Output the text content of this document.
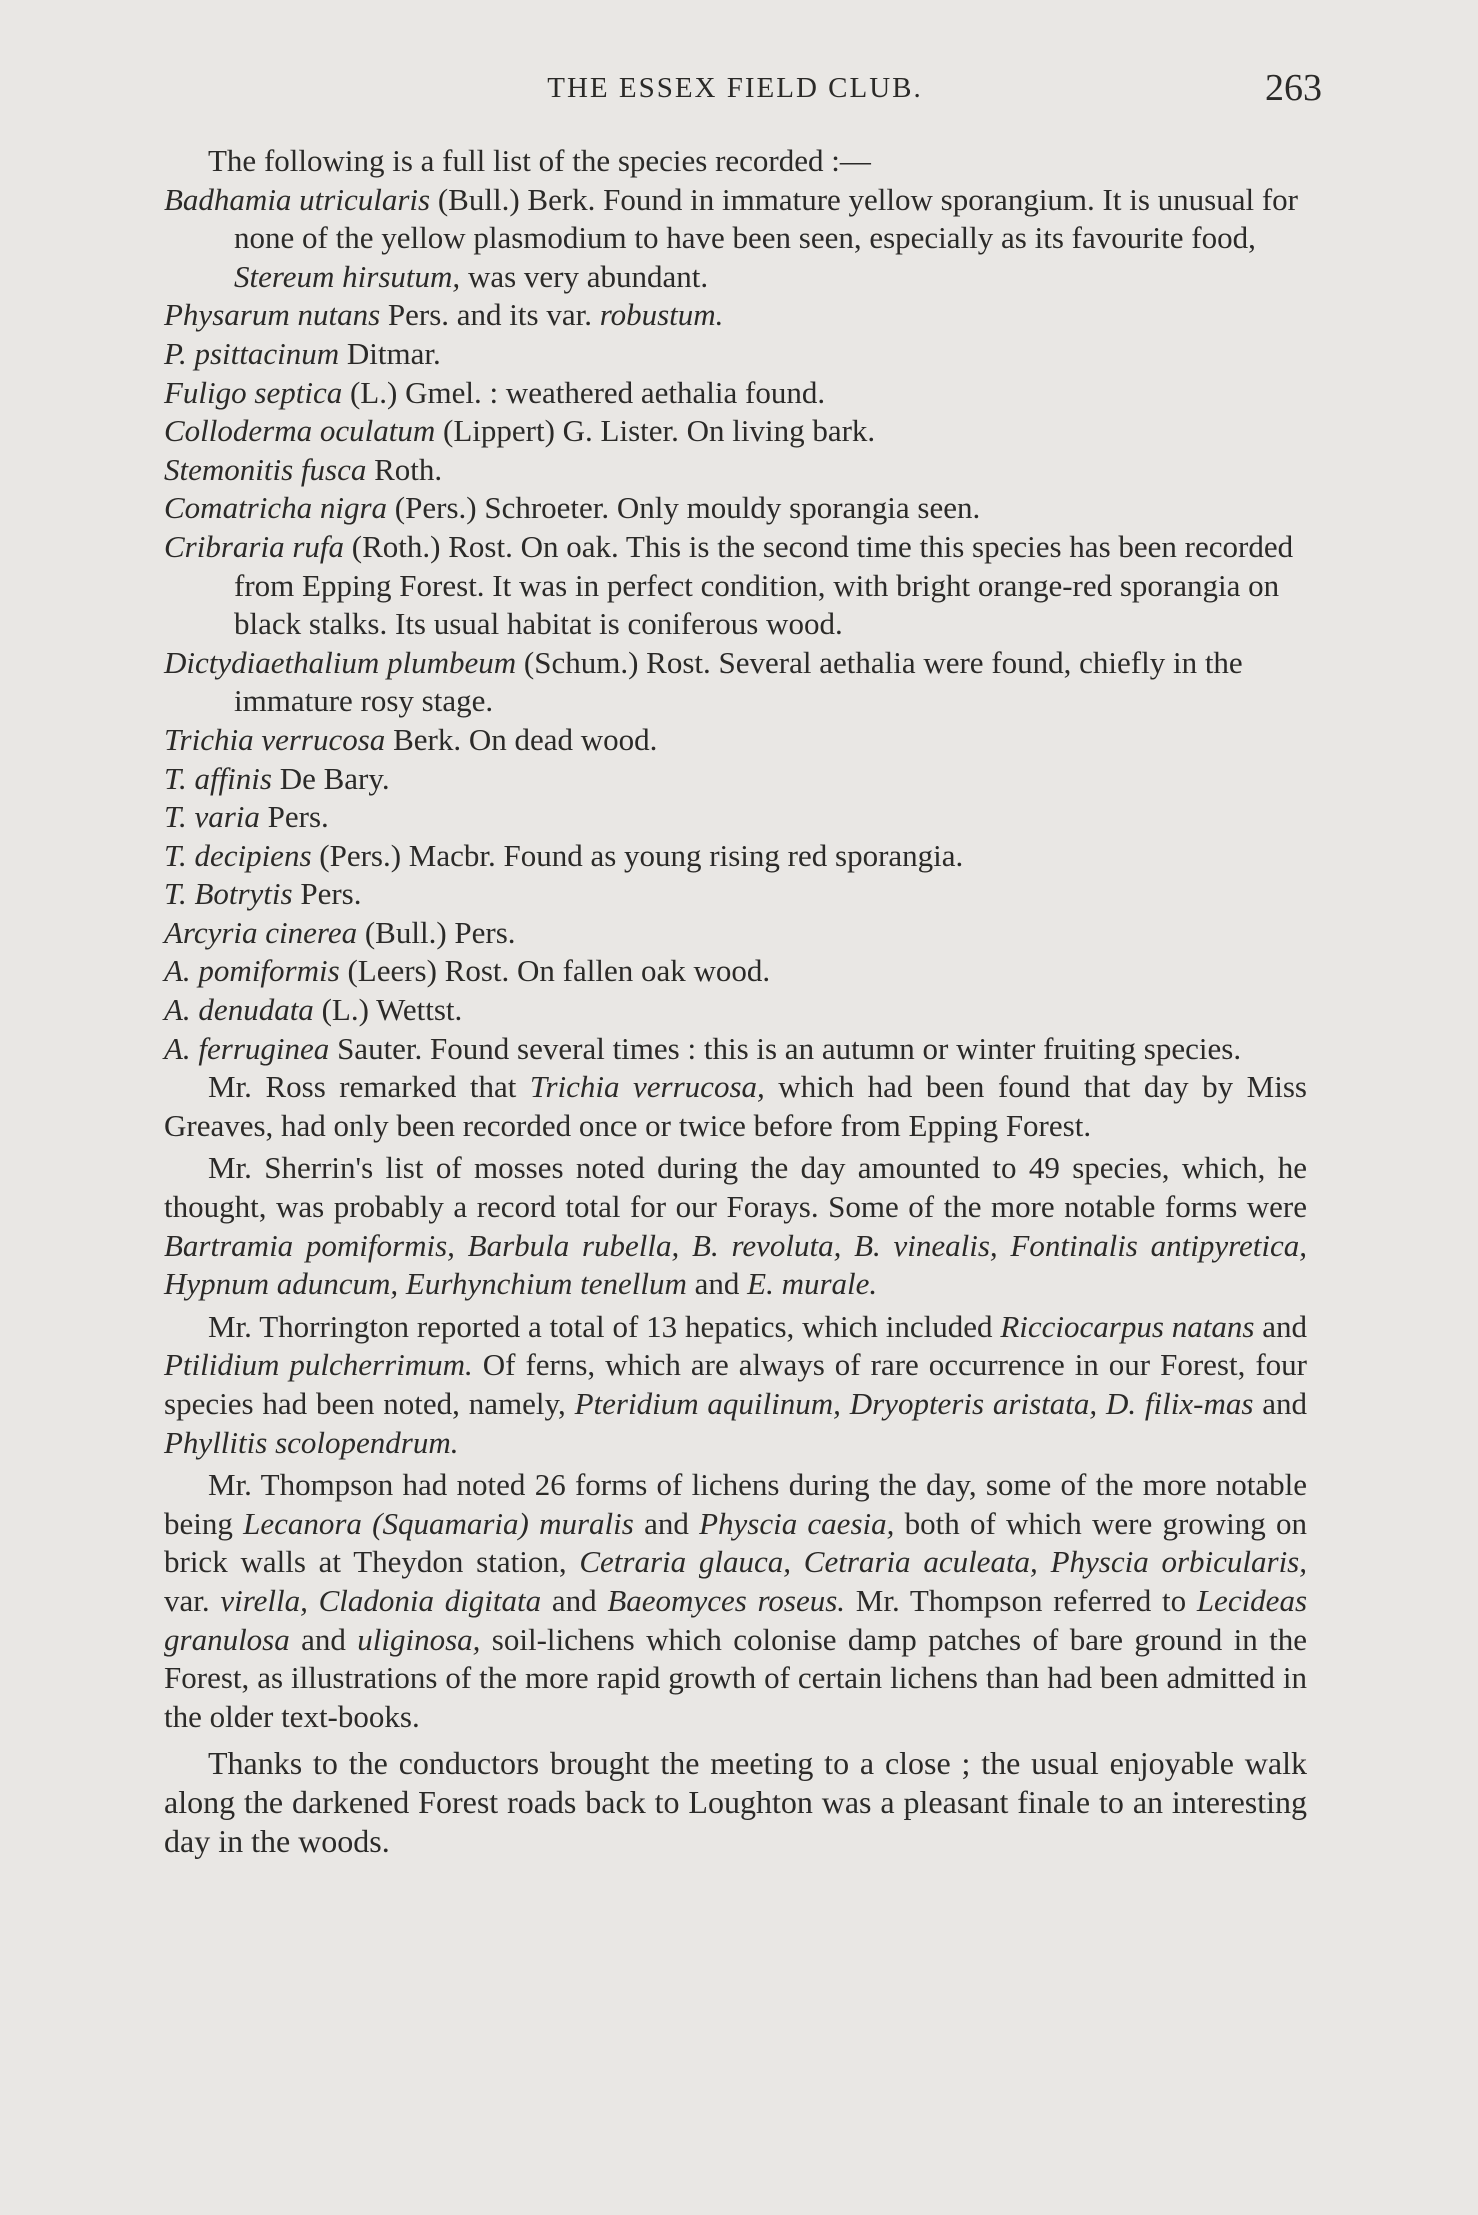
THE ESSEX FIELD CLUB.	263

The following is a full list of the species recorded :—

Badhamia utricularis (Bull.) Berk. Found in immature yellow sporangium. It is unusual for none of the yellow plasmodium to have been seen, especially as its favourite food, Stereum hirsutum, was very abundant.

Physarum nutans Pers. and its var. robustum.

P. psittacinum Ditmar.

Fuligo septica (L.) Gmel. : weathered aethalia found.

Colloderma oculatum (Lippert) G. Lister. On living bark.

Stemonitis fusca Roth.

Comatricha nigra (Pers.) Schroeter. Only mouldy sporangia seen.

Cribraria rufa (Roth.) Rost. On oak. This is the second time this species has been recorded from Epping Forest. It was in perfect condition, with bright orange-red sporangia on black stalks. Its usual habitat is coniferous wood.

Dictydiaethalium plumbeum (Schum.) Rost. Several aethalia were found, chiefly in the immature rosy stage.

Trichia verrucosa Berk. On dead wood.

T. affinis De Bary.

T. varia Pers.

T. decipiens (Pers.) Macbr. Found as young rising red sporangia.

T. Botrytis Pers.

Arcyria cinerea (Bull.) Pers.

A. pomiformis (Leers) Rost. On fallen oak wood.

A. denudata (L.) Wettst.

A. ferruginea Sauter. Found several times : this is an autumn or winter fruiting species.

Mr. Ross remarked that Trichia verrucosa, which had been found that day by Miss Greaves, had only been recorded once or twice before from Epping Forest.

Mr. Sherrin's list of mosses noted during the day amounted to 49 species, which, he thought, was probably a record total for our Forays. Some of the more notable forms were Bartramia pomiformis, Barbula rubella, B. revoluta, B. vinealis, Fontinalis antipyretica, Hypnum aduncum, Eurhynchium tenellum and E. murale.

Mr. Thorrington reported a total of 13 hepatics, which included Ricciocarpus natans and Ptilidium pulcherrimum. Of ferns, which are always of rare occurrence in our Forest, four species had been noted, namely, Pteridium aquilinum, Dryopteris aristata, D. filix-mas and Phyllitis scolopendrum.

Mr. Thompson had noted 26 forms of lichens during the day, some of the more notable being Lecanora (Squamaria) muralis and Physcia caesia, both of which were growing on brick walls at Theydon station, Cetraria glauca, Cetraria aculeata, Physcia orbicularis, var. virella, Cladonia digitata and Baeomyces roseus. Mr. Thompson referred to Lecideas granulosa and uliginosa, soil-lichens which colonise damp patches of bare ground in the Forest, as illustrations of the more rapid growth of certain lichens than had been admitted in the older text-books.

Thanks to the conductors brought the meeting to a close ; the usual enjoyable walk along the darkened Forest roads back to Loughton was a pleasant finale to an interesting day in the woods.
